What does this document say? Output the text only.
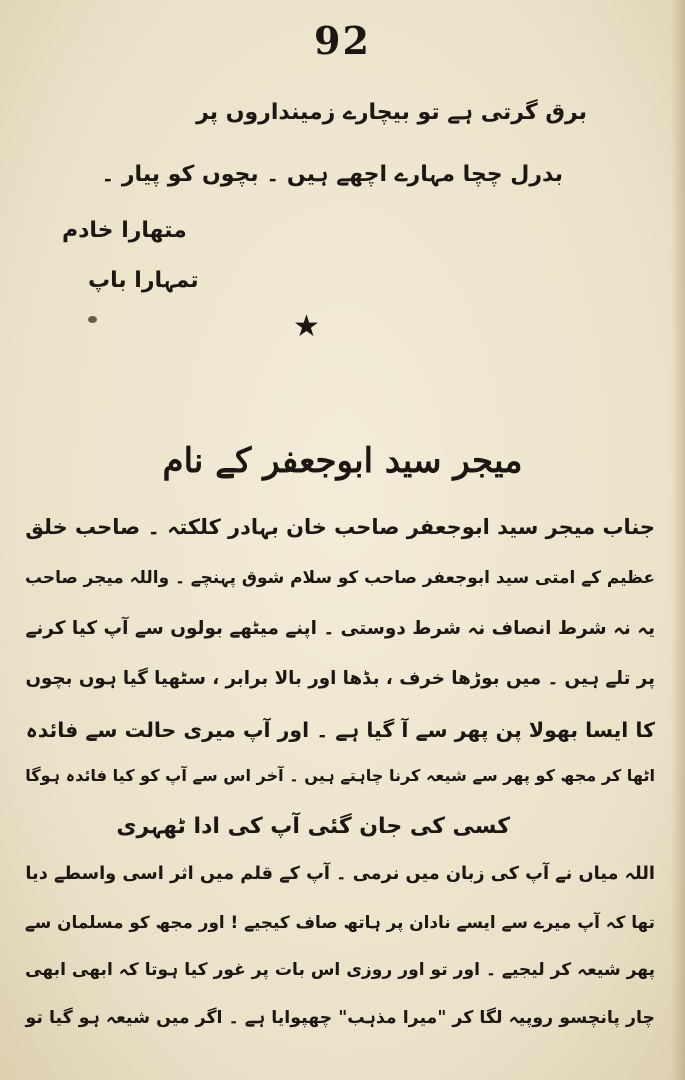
92
برق گرتی ہے تو بیچارے زمینداروں پر
بدرل چچا مہارے اچھے ہیں ۔ بچوں کو پیار ۔
متھارا خادم
تمہارا باپ
★
میجر سید ابوجعفر کے نام
جناب میجر سید ابوجعفر صاحب خان بہادر کلکتہ ۔ صاحب خلق
عظیم کے امتی سید ابوجعفر صاحب کو سلام شوق پہنچے ۔ واللہ میجر صاحب
یہ نہ شرط انصاف نہ شرط دوستی ۔ اپنے میٹھے بولوں سے آپ کیا کرنے
پر تلے ہیں ۔ میں بوڑھا خرف ، بڈھا اور بالا برابر ، سٹھیا گیا ہوں بچوں
کا ایسا بھولا پن پھر سے آ گیا ہے ۔ اور آپ میری حالت سے فائدہ
اٹھا کر مجھ کو پھر سے شیعہ کرنا چاہتے ہیں ۔ آخر اس سے آپ کو کیا فائدہ ہوگا
کسی کی جان گئی آپ کی ادا ٹھہری
اللہ میاں نے آپ کی زبان میں نرمی ۔ آپ کے قلم میں اثر اسی واسطے دیا
تھا کہ آپ میرے سے ایسے نادان پر ہاتھ صاف کیجیے ! اور مجھ کو مسلمان سے
پھر شیعہ کر لیجیے ۔ اور تو اور روزی اس بات پر غور کیا ہوتا کہ ابھی ابھی
چار پانچسو روپیہ لگا کر "میرا مذہب" چھپوایا ہے ۔ اگر میں شیعہ ہو گیا تو
